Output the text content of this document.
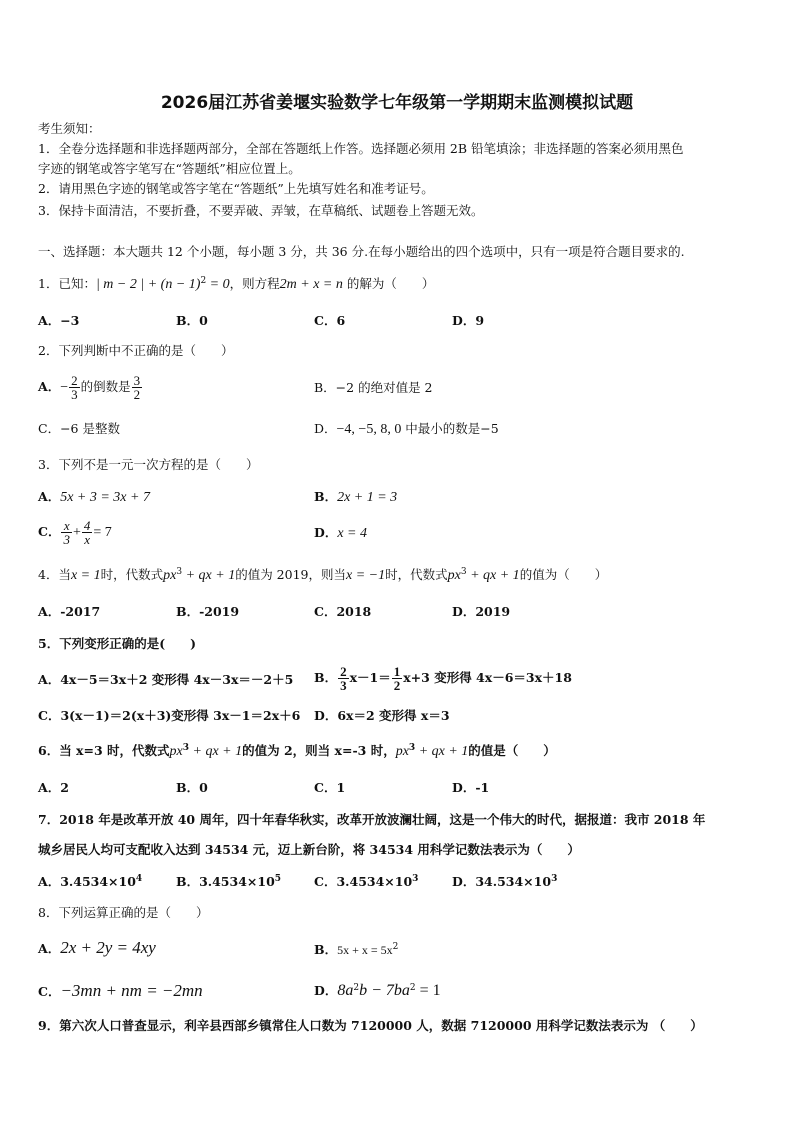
2026届江苏省姜堰实验数学七年级第一学期期末监测模拟试题
考生须知：
1．全卷分选择题和非选择题两部分，全部在答题纸上作答。选择题必须用 2B 铅笔填涂；非选择题的答案必须用黑色
字迹的钢笔或答字笔写在“答题纸”相应位置上。
2．请用黑色字迹的钢笔或答字笔在“答题纸”上先填写姓名和准考证号。
3．保持卡面清洁，不要折叠，不要弄破、弄皱，在草稿纸、试题卷上答题无效。
一、选择题：本大题共 12 个小题，每小题 3 分，共 36 分.在每小题给出的四个选项中，只有一项是符合题目要求的.
1．已知：| m − 2 | + $(n - 1)^2 = 0$，则方程2m + x = n 的解为（　　）
A．−3	B．0	C．6	D．9
2．下列判断中不正确的是（　　）
A．− $\frac{2}{3}$ 的倒数是 $\frac{3}{2}$	B．−2 的绝对值是 2
C．−6 是整数	D．−4, −5, 8, 0 中最小的数是−5
3．下列不是一元一次方程的是（　　）
A．5x + 3 = 3x + 7	B．2x + 1 = 3
C． $\frac{x}{3} + \frac{4}{x} = 7$	D．x = 4
4．当x = 1时，代数式$px^3$ + qx + 1的值为 2019，则当x = −1时，代数式$px^3$ + qx + 1的值为（　　）
A．-2017	B．-2019	C．2018	D．2019
5．下列变形正确的是(　　)
A．4x－5＝3x＋2 变形得 4x－3x＝－2＋5 B． $\frac{2}{3} x-1= \frac{1}{2} x+3$ 变形得 4x－6＝3x＋18
C．3(x－1)＝2(x＋3)变形得 3x－1＝2x＋6 D．6x＝2 变形得 x＝3
6．当 x=3 时，代数式$px^3$ + qx + 1的值为 2，则当 x=-3 时，$px^3$ + qx + 1的值是（　　）
A．2	B．0	C．1	D．-1
7．2018 年是改革开放 40 周年，四十年春华秋实，改革开放波澜壮阔，这是一个伟大的时代，据报道：我市 2018 年
城乡居民人均可支配收入达到 34534 元，迈上新台阶，将 34534 用科学记数法表示为（　　）
A．$3.4534\times 10^4$	B．$3.4534\times 10^5$	C．$3.4534\times 10^3$	D．$34.534\times 10^3$
8．下列运算正确的是（　　）
A．2x + 2y = 4xy	B．$5x + x = 5x^2$
C．−3mn + nm = −2mn	D．$8a^2b - 7ba^2 = 1$
9．第六次人口普查显示，利辛县西部乡镇常住人口数为 7120000 人，数据 7120000 用科学记数法表示为 （　　）
